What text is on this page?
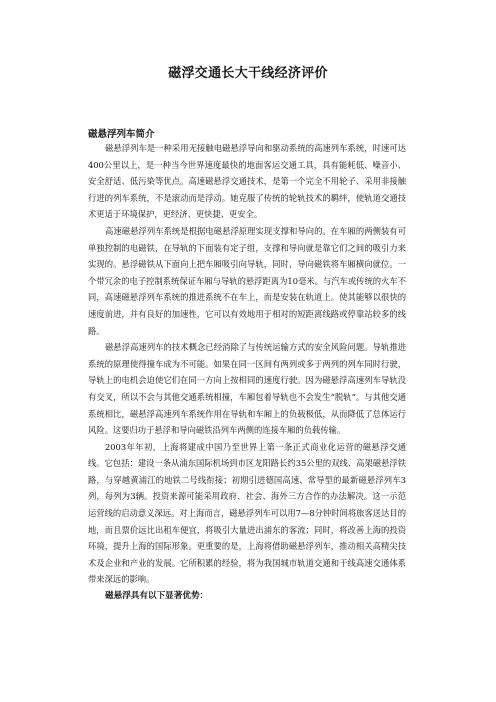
磁浮交通长大干线经济评价
磁悬浮列车简介

磁悬浮列车是一种采用无接触电磁悬浮导向和驱动系统的高速列车系统，时速可达400公里以上，是一种当今世界速度最快的地面客运交通工具，具有能耗低、噪音小、安全舒适、低污染等优点。高速磁悬浮交通技术，是第一个完全不用轮子、采用非接触行进的列车系统，不是滚动而是浮动。她克服了传统的轮轨技术的羁绊，使轨道交通技术更适于环境保护，更经济、更快捷、更安全。

高速磁悬浮列车系统是根据电磁悬浮原理实现支撑和导向的。在车厢的两侧装有可单独控制的电磁铁，在导轨的下面装有定子组，支撑和导向就是靠它们之间的吸引力来实现的。悬浮磁铁从下面向上把车厢吸引向导轨，同时，导向磁铁将车厢横向就位。一个带冗余的电子控制系统保证车厢与导轨的悬浮距离为10毫米。与汽车或传统的火车不同，高速磁悬浮列车系统的推进系统不在车上，而是安装在轨道上。使其能够以很快的速度前进，并有良好的加速性，它可以有效地用于相对的短距离线路或停靠站较多的线路。

磁悬浮高速列车的技术概念已经消除了与传统运输方式的安全风险问题。导轨推进系统的原理使得撞车成为不可能。如果在同一区间有两列或多于两列的列车同时行驶，导轨上的电机会迫使它们在同一方向上按相同的速度行驶。因为磁悬浮高速列车导轨没有交叉，所以不会与其他交通系统相撞，车厢包着导轨也不会发生“脱轨”。与其他交通系统相比，磁悬浮高速列车系统作用在导轨和车厢上的负载极低，从而降低了总体运行风险。这要归功于悬浮和导向磁铁沿列车两侧的连接车厢的负载传输。

2003年年初，上海将建成中国乃至世界上第一条正式商业化运营的磁悬浮交通线。它包括：建设一条从浦东国际机场到市区龙阳路长约35公里的双线、高架磁悬浮铁路，与穿越黄浦江的地铁二号线衔接；初期引进德国高速、常导型的最新磁悬浮列车3列，每列为3辆。投资来源可能采用政府、社会、海外三方合作的办法解决。这一示范运营线的启动意义深远。对上海而言，磁悬浮列车可以用7—8分钟时间将旅客送达目的地，而且票价远比出租车便宜，将吸引大量进出浦东的客流；同时，将改善上海的投资环境，提升上海的国际形象。更重要的是，上海将借助磁悬浮列车，推动相关高精尖技术及企业和产业的发展。它所积累的经验，将为我国城市轨道交通和干线高速交通体系带来深远的影响。

磁悬浮具有以下显著优势：
